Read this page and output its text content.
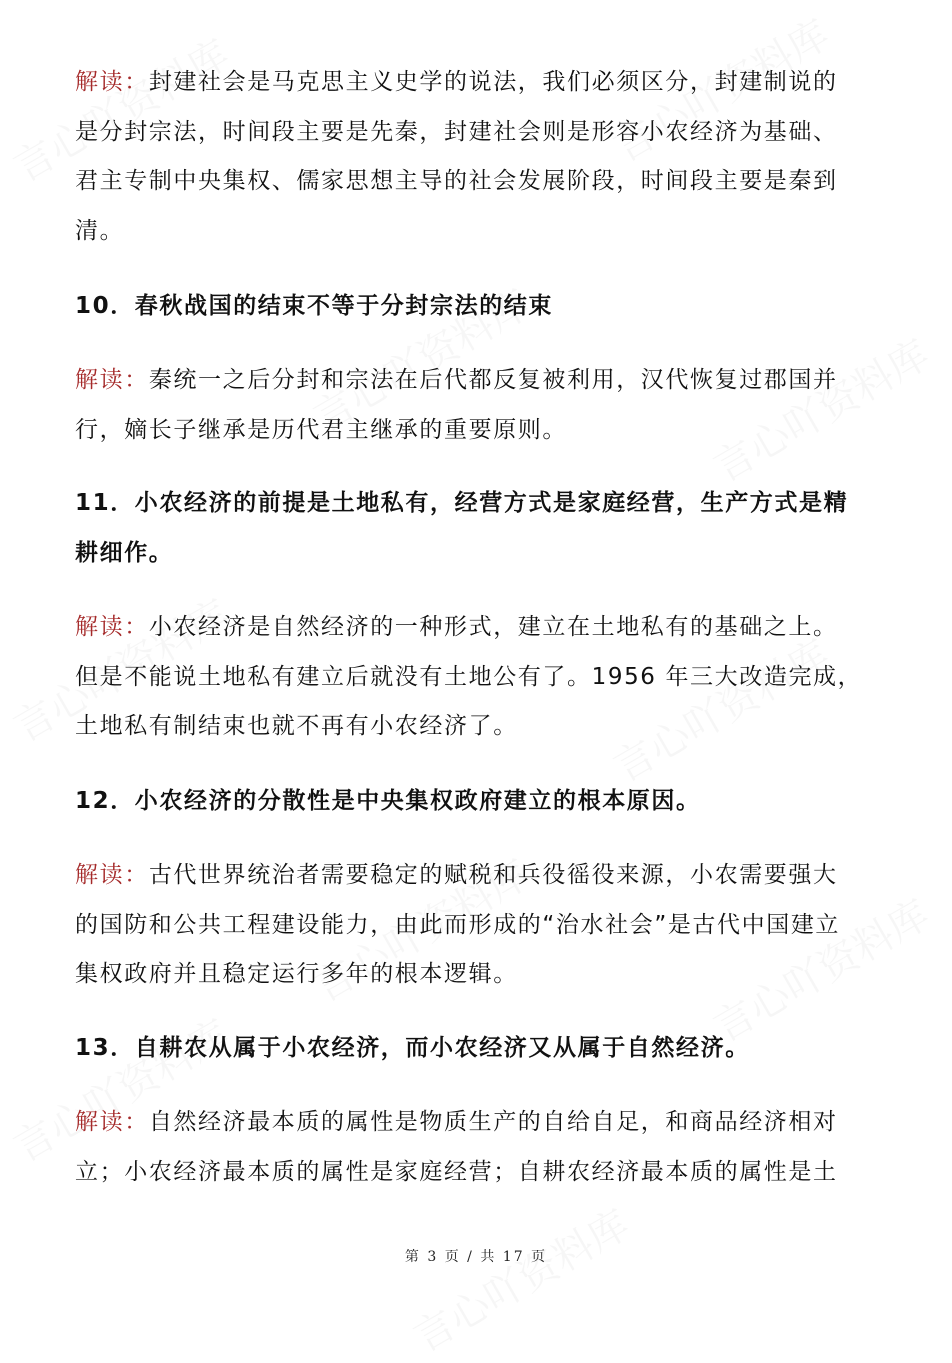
解读：封建社会是马克思主义史学的说法，我们必须区分，封建制说的
是分封宗法，时间段主要是先秦，封建社会则是形容小农经济为基础、
君主专制中央集权、儒家思想主导的社会发展阶段，时间段主要是秦到
清。
10．春秋战国的结束不等于分封宗法的结束
解读：秦统一之后分封和宗法在后代都反复被利用，汉代恢复过郡国并
行，嫡长子继承是历代君主继承的重要原则。
11．小农经济的前提是土地私有，经营方式是家庭经营，生产方式是精
耕细作。
解读：小农经济是自然经济的一种形式，建立在土地私有的基础之上。
但是不能说土地私有建立后就没有土地公有了。1956 年三大改造完成，
土地私有制结束也就不再有小农经济了。
12．小农经济的分散性是中央集权政府建立的根本原因。
解读：古代世界统治者需要稳定的赋税和兵役徭役来源，小农需要强大
的国防和公共工程建设能力，由此而形成的“治水社会”是古代中国建立
集权政府并且稳定运行多年的根本逻辑。
13．自耕农从属于小农经济，而小农经济又从属于自然经济。
解读：自然经济最本质的属性是物质生产的自给自足，和商品经济相对
立；小农经济最本质的属性是家庭经营；自耕农经济最本质的属性是土
第 3 页 / 共 17 页
